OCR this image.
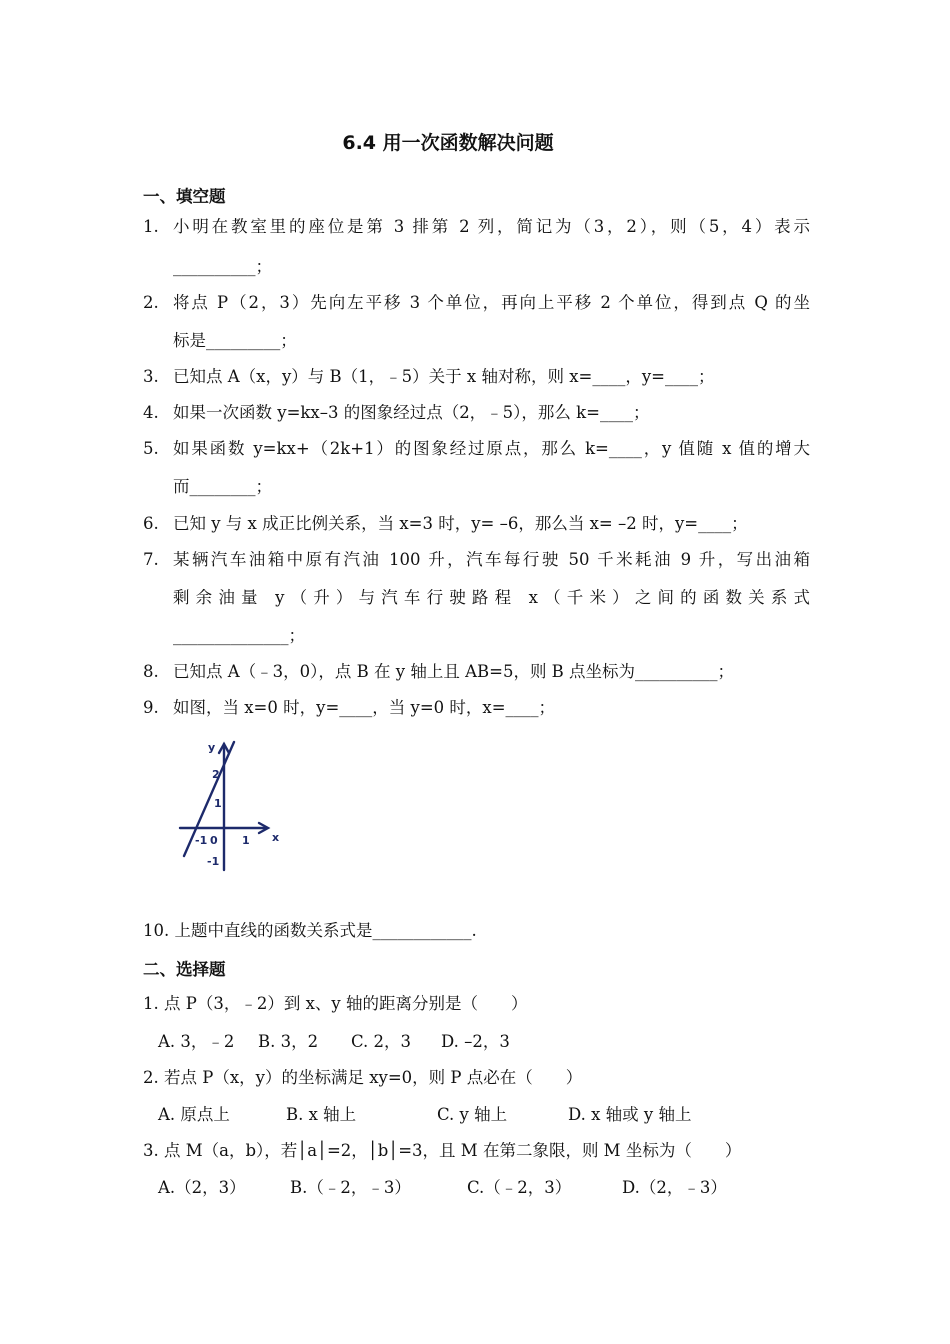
6.4 用一次函数解决问题
一、填空题
1. 小明在教室里的座位是第 3 排第 2 列，简记为（3，2），则（5，4）表示
__________；
2. 将点 P（2，3）先向左平移 3 个单位，再向上平移 2 个单位，得到点 Q 的坐
标是_________；
3. 已知点 A（x，y）与 B（1，﹣5）关于 x 轴对称，则 x=____，y=____；
4. 如果一次函数 y=kx–3 的图象经过点（2，﹣5），那么 k=____；
5. 如果函数 y=kx+（2k+1）的图象经过原点，那么 k=____，y 值随 x 值的增大
而________；
6. 已知 y 与 x 成正比例关系，当 x=3 时，y= –6，那么当 x= –2 时，y=____；
7. 某辆汽车油箱中原有汽油 100 升，汽车每行驶 50 千米耗油 9 升，写出油箱
剩余油量 y（升）与汽车行驶路程 x（千米）之间的函数关系式
______________；
8. 已知点 A（﹣3，0），点 B 在 y 轴上且 AB=5，则 B 点坐标为__________；
9. 如图，当 x=0 时，y=____，当 y=0 时，x=____；
y
x
2
1
-1 0 1
-1
10. 上题中直线的函数关系式是____________.
二、选择题
1. 点 P（3，﹣2）到 x、y 轴的距离分别是（　　）
A. 3，﹣2 B. 3，2 C. 2，3 D. –2，3
2. 若点 P（x，y）的坐标满足 xy=0，则 P 点必在（　　）
A. 原点上	B. x 轴上	C. y 轴上	D. x 轴或 y 轴上
3. 点 M（a，b），若│a│=2，│b│=3，且 M 在第二象限，则 M 坐标为（　　）
A.（2，3）	B.（﹣2，﹣3）	C.（﹣2，3）	D.（2，﹣3）
